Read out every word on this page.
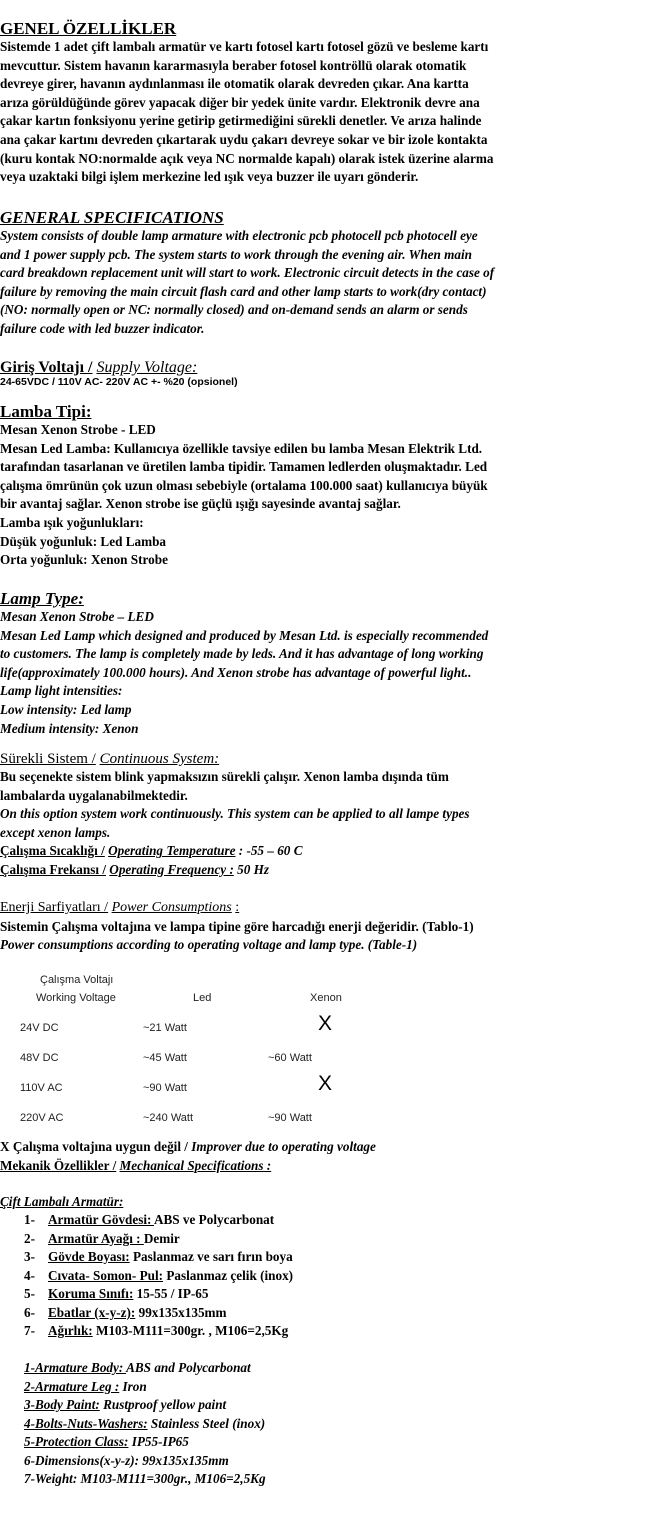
GENEL ÖZELLİKLER
Sistemde 1 adet çift lambalı armatür ve kartı fotosel kartı fotosel gözü ve besleme kartı
mevcuttur. Sistem havanın kararmasıyla beraber fotosel kontröllü olarak otomatik
devreye girer, havanın aydınlanması ile otomatik olarak devreden çıkar. Ana kartta
arıza görüldüğünde görev yapacak diğer bir yedek ünite vardır. Elektronik devre ana
çakar kartın fonksiyonu yerine getirip getirmediğini sürekli denetler. Ve arıza halinde
ana çakar kartını devreden çıkartarak uydu çakarı devreye sokar ve bir izole kontakta
(kuru kontak NO:normalde açık veya NC normalde kapalı) olarak istek üzerine alarma
veya uzaktaki bilgi işlem merkezine led ışık veya buzzer ile uyarı gönderir.
GENERAL SPECIFICATIONS
System consists of double lamp armature with electronic pcb photocell pcb photocell eye
and 1 power supply pcb. The system starts to work through the evening air. When main
card breakdown replacement unit will start to work. Electronic circuit detects in the case of
failure by removing the main circuit flash card and other lamp starts to work(dry contact)
(NO: normally open or NC: normally closed) and on-demand sends an alarm or sends
failure code with led buzzer indicator.
Giriş Voltajı / Supply Voltage:
24-65VDC / 110V AC- 220V AC +- %20 (opsionel)
Lamba Tipi:
Mesan Xenon Strobe - LED
Mesan Led Lamba: Kullanıcıya özellikle tavsiye edilen bu lamba Mesan Elektrik Ltd.
tarafından tasarlanan ve üretilen lamba tipidir. Tamamen ledlerden oluşmaktadır. Led
çalışma ömrünün çok uzun olması sebebiyle (ortalama 100.000 saat) kullanıcıya büyük
bir avantaj sağlar. Xenon strobe ise güçlü ışığı sayesinde avantaj sağlar.
Lamba ışık yoğunlukları:
Düşük yoğunluk: Led Lamba
Orta yoğunluk: Xenon Strobe
Lamp Type:
Mesan Xenon Strobe – LED
Mesan Led Lamp which designed and produced by Mesan Ltd. is especially recommended
to customers. The lamp is completely made by leds. And it has advantage of long working
life(approximately 100.000 hours). And Xenon strobe has advantage of powerful light..
Lamp light intensities:
Low intensity: Led lamp
Medium intensity: Xenon
Sürekli Sistem / Continuous System:
Bu seçenekte sistem blink yapmaksızın sürekli çalışır. Xenon lamba dışında tüm
lambalarda uygalanabilmektedir.
On this option system work continuously. This system can be applied to all lampe types
except xenon lamps.
Çalışma Sıcaklığı / Operating Temperature : -55 – 60 C
Çalışma Frekansı / Operating Frequency : 50 Hz
Enerji Sarfiyatları / Power Consumptions :
Sistemin Çalışma voltajına ve lampa tipine göre harcadığı enerji değeridir. (Tablo-1)
Power consumptions according to operating voltage and lamp type. (Table-1)
Çalışma Voltajı
Working Voltage	Led	Xenon
24V DC	~21 Watt	X
48V DC	~45 Watt	~60 Watt
110V AC	~90 Watt	X
220V AC	~240 Watt	~90 Watt
X Çalışma voltajına uygun değil / Improver due to operating voltage
Mekanik Özellikler / Mechanical Specifications :
Çift Lambalı Armatür:
1- Armatür Gövdesi: ABS ve Polycarbonat
2- Armatür Ayağı : Demir
3- Gövde Boyası: Paslanmaz ve sarı fırın boya
4- Cıvata- Somon- Pul: Paslanmaz çelik (inox)
5- Koruma Sınıfı: 15-55 / IP-65
6- Ebatlar (x-y-z): 99x135x135mm
7- Ağırlık: M103-M111=300gr. , M106=2,5Kg
1-Armature Body: ABS and Polycarbonat
2-Armature Leg : Iron
3-Body Paint: Rustproof yellow paint
4-Bolts-Nuts-Washers: Stainless Steel (inox)
5-Protection Class: IP55-IP65
6-Dimensions(x-y-z): 99x135x135mm
7-Weight: M103-M111=300gr., M106=2,5Kg
